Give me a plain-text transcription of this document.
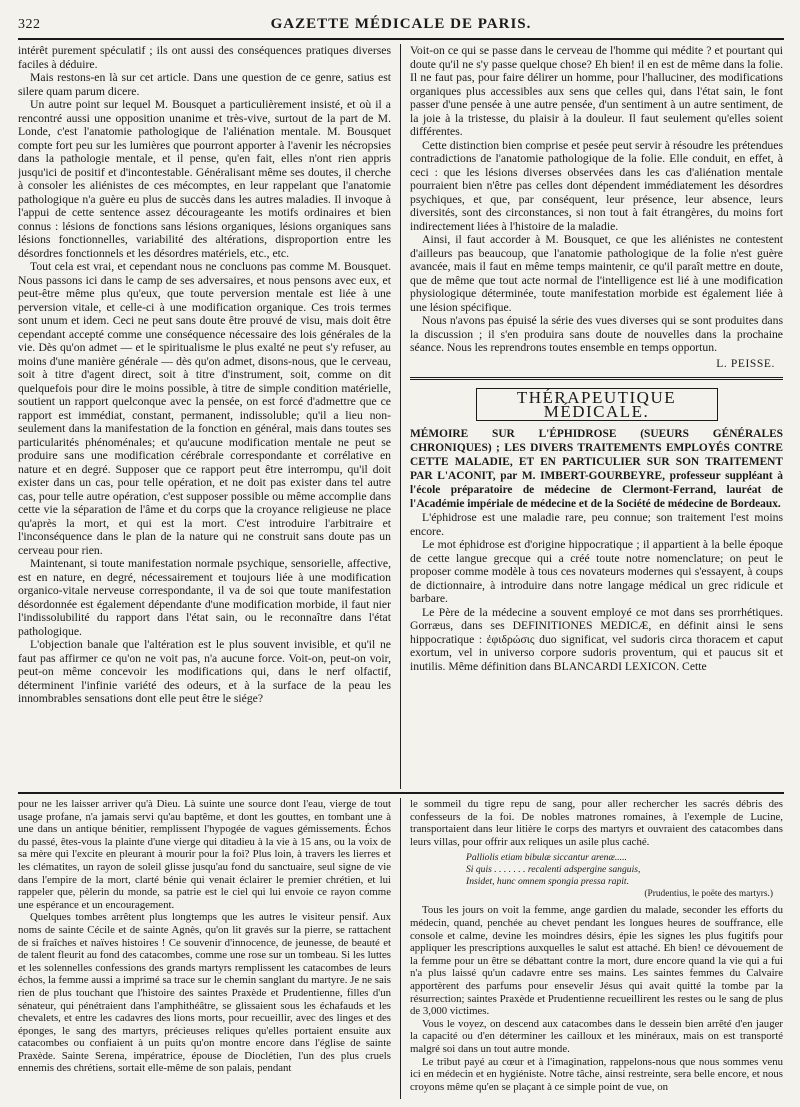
322	GAZETTE MÉDICALE DE PARIS.

intérêt purement spéculatif ; ils ont aussi des conséquences pratiques diverses faciles à déduire.

Mais restons-en là sur cet article. Dans une question de ce genre, satius est silere quam parum dicere.

Un autre point sur lequel M. Bousquet a particulièrement insisté, et où il a rencontré aussi une opposition unanime et très-vive, surtout de la part de M. Londe, c'est l'anatomie pathologique de l'aliénation mentale. M. Bousquet compte fort peu sur les lumières que pourront apporter à l'avenir les nécropsies dans la pathologie mentale, et il pense, qu'en fait, elles n'ont rien appris jusqu'ici de positif et d'incontestable. Généralisant même ses doutes, il cherche à consoler les aliénistes de ces mécomptes, en leur rappelant que l'anatomie pathologique n'a guère eu plus de succès dans les autres maladies. Il invoque à l'appui de cette sentence assez décourageante les motifs ordinaires et bien connus : lésions de fonctions sans lésions organiques, lésions organiques sans lésions fonctionnelles, variabilité des altérations, disproportion entre les désordres fonctionnels et les désordres matériels, etc., etc.

Tout cela est vrai, et cependant nous ne concluons pas comme M. Bousquet. Nous passons ici dans le camp de ses adversaires, et nous pensons avec eux, et peut-être même plus qu'eux, que toute perversion mentale est liée à une perversion vitale, et celle-ci à une modification organique. Ces trois termes sont unum et idem. Ceci ne peut sans doute être prouvé de visu, mais doit être cependant accepté comme une conséquence nécessaire des lois générales de la vie. Dès qu'on admet — et le spiritualisme le plus exalté ne peut s'y refuser, au moins d'une manière générale — dès qu'on admet, disons-nous, que le cerveau, soit à titre d'agent direct, soit à titre d'instrument, soit, comme on dit quelquefois pour dire le moins possible, à titre de simple condition matérielle, soutient un rapport quelconque avec la pensée, on est forcé d'admettre que ce rapport est immédiat, constant, permanent, indissoluble; qu'il a lieu non-seulement dans la manifestation de la fonction en général, mais dans toutes ses particularités phénoménales; et qu'aucune modification mentale ne peut se produire sans une modification cérébrale correspondante et corrélative en nature et en degré. Supposer que ce rapport peut être interrompu, qu'il doit exister dans un cas, pour telle opération, et ne doit pas exister dans tel autre cas, pour telle autre opération, c'est supposer possible ou même accomplie dans cette vie la séparation de l'âme et du corps que la croyance religieuse ne place qu'après la mort, et qui est la mort. C'est introduire l'arbitraire et l'inconséquence dans le plan de la nature qui ne construit sans doute pas un cerveau pour rien.

Maintenant, si toute manifestation normale psychique, sensorielle, affective, est en nature, en degré, nécessairement et toujours liée à une modification organico-vitale nerveuse correspondante, il va de soi que toute manifestation désordonnée est également dépendante d'une modification morbide, il faut nier l'indissolubilité du rapport dans l'état sain, ou le reconnaître dans l'état pathologique.

L'objection banale que l'altération est le plus souvent invisible, et qu'il ne faut pas affirmer ce qu'on ne voit pas, n'a aucune force. Voit-on, peut-on voir, peut-on même concevoir les modifications qui, dans le nerf olfactif, déterminent l'infinie variété des odeurs, et à la surface de la peau les innombrables sensations dont elle peut être le siége?

Voit-on ce qui se passe dans le cerveau de l'homme qui médite ? et pourtant qui doute qu'il ne s'y passe quelque chose? Eh bien! il en est de même dans la folie. Il ne faut pas, pour faire délirer un homme, pour l'halluciner, des modifications organiques plus accessibles aux sens que celles qui, dans l'état sain, le font passer d'une pensée à une autre pensée, d'un sentiment à un autre sentiment, de la joie à la tristesse, du plaisir à la douleur. Il faut seulement qu'elles soient différentes.

Cette distinction bien comprise et pesée peut servir à résoudre les prétendues contradictions de l'anatomie pathologique de la folie. Elle conduit, en effet, à ceci : que les lésions diverses observées dans les cas d'aliénation mentale pourraient bien n'être pas celles dont dépendent immédiatement les désordres psychiques, et que, par conséquent, leur présence, leur absence, leurs diversités, sont des circonstances, si non tout à fait étrangères, du moins fort indirectement liées à l'histoire de la maladie.

Ainsi, il faut accorder à M. Bousquet, ce que les aliénistes ne contestent d'ailleurs pas beaucoup, que l'anatomie pathologique de la folie n'est guère avancée, mais il faut en même temps maintenir, ce qu'il paraît mettre en doute, que de même que tout acte normal de l'intelligence est lié à une modification physiologique déterminée, toute manifestation morbide est également liée à une lésion spécifique.

Nous n'avons pas épuisé la série des vues diverses qui se sont produites dans la discussion ; il s'en produira sans doute de nouvelles dans la prochaine séance. Nous les reprendrons toutes ensemble en temps opportun.

L. PEISSE.
THÉRAPEUTIQUE MÉDICALE.

MÉMOIRE SUR L'ÉPHIDROSE (SUEURS GÉNÉRALES CHRONIQUES) ; LES DIVERS TRAITEMENTS EMPLOYÉS CONTRE CETTE MALADIE, ET EN PARTICULIER SUR SON TRAITEMENT PAR L'ACONIT, par M. IMBERT-GOURBEYRE, professeur suppléant à l'école préparatoire de médecine de Clermont-Ferrand, lauréat de l'Académie impériale de médecine et de la Société de médecine de Bordeaux.

L'éphidrose est une maladie rare, peu connue; son traitement l'est moins encore.

Le mot éphidrose est d'origine hippocratique ; il appartient à la belle époque de cette langue grecque qui a créé toute notre nomenclature; on peut le proposer comme modèle à tous ces novateurs modernes qui s'essayent, à coups de dictionnaire, à introduire dans notre langage médical un grec ridicule et barbare.

Le Père de la médecine a souvent employé ce mot dans ses prorrhétiques. Gorræus, dans ses DEFINITIONES MEDICÆ, en définit ainsi le sens hippocratique : ἐφιδρώσις duo significat, vel sudoris circa thoracem et caput exortum, vel in universo corpore sudoris proventum, qui et paucus sit et inutilis. Même définition dans BLANCARDI LEXICON. Cette

pour ne les laisser arriver qu'à Dieu. Là suinte une source dont l'eau, vierge de tout usage profane, n'a jamais servi qu'au baptême, et dont les gouttes, en tombant une à une dans un antique bénitier, remplissent l'hypogée de vagues gémissements. Échos du passé, êtes-vous la plainte d'une vierge qui ditadieu à la vie à 15 ans, ou la voix de sa mère qui l'excite en pleurant à mourir pour la foi? Plus loin, à travers les lierres et les clématites, un rayon de soleil glisse jusqu'au fond du sanctuaire, seul signe de vie dans l'empire de la mort, clarté bénie qui venait éclairer le premier chrétien, et lui rappeler que, pèlerin du monde, sa patrie est le ciel qui lui envoie ce rayon comme une espérance et un encouragement.

Quelques tombes arrêtent plus longtemps que les autres le visiteur pensif. Aux noms de sainte Cécile et de sainte Agnès, qu'on lit gravés sur la pierre, se rattachent de si fraîches et naïves histoires ! Ce souvenir d'innocence, de jeunesse, de beauté et de talent fleurit au fond des catacombes, comme une rose sur un tombeau. Si les luttes et les solennelles confessions des grands martyrs remplissent les catacombes de leurs échos, la femme aussi a imprimé sa trace sur le chemin sanglant du martyre. Je ne sais rien de plus touchant que l'histoire des saintes Praxède et Prudentienne, filles d'un sénateur, qui pénétraient dans l'amphithéâtre, se glissaient sous les échafauds et les chevalets, et entre les cadavres des lions morts, pour recueillir, avec des linges et des éponges, le sang des martyrs, précieuses reliques qu'elles portaient ensuite aux catacombes ou confiaient à un puits qu'on montre encore dans l'église de sainte Praxède. Sainte Serena, impératrice, épouse de Dioclétien, l'un des plus cruels ennemis des chrétiens, sortait elle-même de son palais, pendant

le sommeil du tigre repu de sang, pour aller rechercher les sacrés débris des confesseurs de la foi. De nobles matrones romaines, à l'exemple de Lucine, transportaient dans leur litière le corps des martyrs et ouvraient des catacombes dans leurs villas, pour offrir aux reliques un asile plus caché.

Palliolis etiam bibulæ siccantur arenæ.....
Si quis . . . . . . . recalenti adspergine sanguis,
Insidet, hunc omnem spongia pressa rapit.
(Prudentius, le poëte des martyrs.)

Tous les jours on voit la femme, ange gardien du malade, seconder les efforts du médecin, quand, penchée au chevet pendant les longues heures de souffrance, elle console et calme, devine les moindres désirs, épie les signes les plus fugitifs pour appliquer les prescriptions auxquelles le salut est attaché. Eh bien! ce dévouement de la femme pour un être se débattant contre la mort, dure encore quand la vie qui a fui n'a plus laissé qu'un cadavre entre ses mains. Les saintes femmes du Calvaire apportèrent des parfums pour ensevelir Jésus qui avait quitté la tombe par la résurrection; saintes Praxède et Prudentienne recueillirent les restes ou le sang de plus de 3,000 victimes.

Vous le voyez, on descend aux catacombes dans le dessein bien arrêté d'en jauger la capacité ou d'en déterminer les cailloux et les minéraux, mais on est transporté malgré soi dans un tout autre monde.

Le tribut payé au cœur et à l'imagination, rappelons-nous que nous sommes venu ici en médecin et en hygiéniste. Notre tâche, ainsi restreinte, sera belle encore, et nous croyons même qu'en se plaçant à ce simple point de vue, on
